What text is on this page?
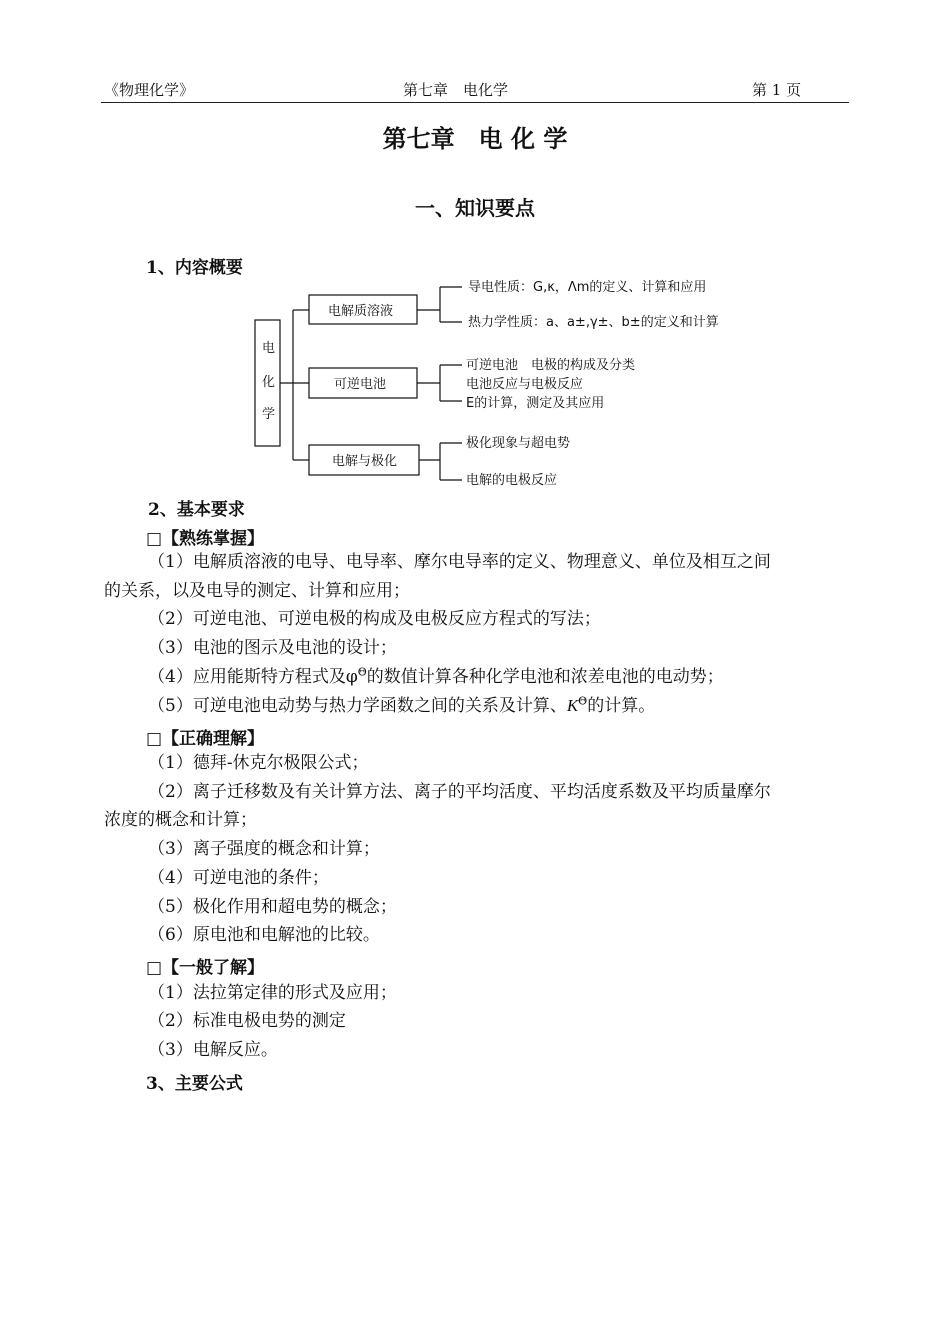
《物理化学》	第七章　电化学	第 1 页
第七章　电 化 学
一、知识要点
1、内容概要
电
化
学
电解质溶液
可逆电池
电解与极化
导电性质：G,κ，Λm的定义、计算和应用
热力学性质：a、a±,γ±、b±的定义和计算
可逆电池　电极的构成及分类
电池反应与电极反应
E的计算，测定及其应用
极化现象与超电势
电解的电极反应
2、基本要求
□【熟练掌握】
（1）电解质溶液的电导、电导率、摩尔电导率的定义、物理意义、单位及相互之间
的关系，以及电导的测定、计算和应用；
（2）可逆电池、可逆电极的构成及电极反应方程式的写法；
（3）电池的图示及电池的设计；
（4）应用能斯特方程式及$\varphi^\Theta$的数值计算各种化学电池和浓差电池的电动势；
（5）可逆电池电动势与热力学函数之间的关系及计算、$K^\Theta$的计算。
□【正确理解】
（1）德拜-休克尔极限公式；
（2）离子迁移数及有关计算方法、离子的平均活度、平均活度系数及平均质量摩尔
浓度的概念和计算；
（3）离子强度的概念和计算；
（4）可逆电池的条件；
（5）极化作用和超电势的概念；
（6）原电池和电解池的比较。
□【一般了解】
（1）法拉第定律的形式及应用；
（2）标准电极电势的测定
（3）电解反应。
3、主要公式
